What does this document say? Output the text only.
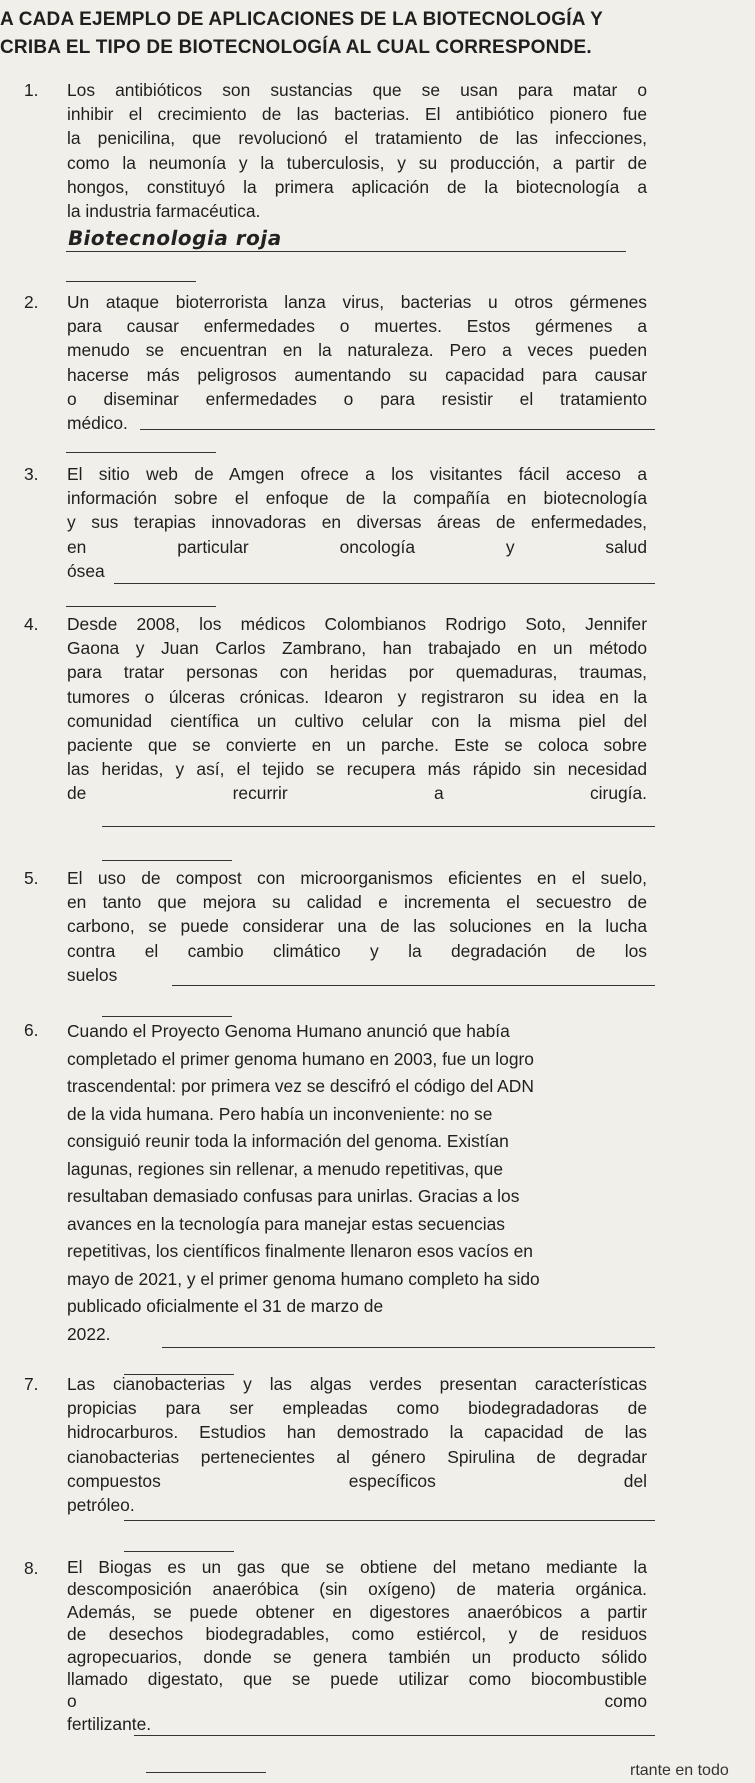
A CADA EJEMPLO DE APLICACIONES DE LA BIOTECNOLOGÍA Y
CRIBA EL TIPO DE BIOTECNOLOGÍA AL CUAL CORRESPONDE.
1. Los antibióticos son sustancias que se usan para matar o
inhibir el crecimiento de las bacterias. El antibiótico pionero fue
la penicilina, que revolucionó el tratamiento de las infecciones,
como la neumonía y la tuberculosis, y su producción, a partir de
hongos, constituyó la primera aplicación de la biotecnología a
la industria farmacéutica.
Biotecnologia roja
2. Un ataque bioterrorista lanza virus, bacterias u otros gérmenes
para causar enfermedades o muertes. Estos gérmenes a
menudo se encuentran en la naturaleza. Pero a veces pueden
hacerse más peligrosos aumentando su capacidad para causar
o diseminar enfermedades o para resistir el tratamiento
médico.
3. El sitio web de Amgen ofrece a los visitantes fácil acceso a
información sobre el enfoque de la compañía en biotecnología
y sus terapias innovadoras en diversas áreas de enfermedades,
en particular oncología y salud
ósea
4. Desde 2008, los médicos Colombianos Rodrigo Soto, Jennifer
Gaona y Juan Carlos Zambrano, han trabajado en un método
para tratar personas con heridas por quemaduras, traumas,
tumores o úlceras crónicas. Idearon y registraron su idea en la
comunidad científica un cultivo celular con la misma piel del
paciente que se convierte en un parche. Este se coloca sobre
las heridas, y así, el tejido se recupera más rápido sin necesidad
de recurrir a cirugía.
5. El uso de compost con microorganismos eficientes en el suelo,
en tanto que mejora su calidad e incrementa el secuestro de
carbono, se puede considerar una de las soluciones en la lucha
contra el cambio climático y la degradación de los
suelos
6. Cuando el Proyecto Genoma Humano anunció que había
completado el primer genoma humano en 2003, fue un logro
trascendental: por primera vez se descifró el código del ADN
de la vida humana. Pero había un inconveniente: no se
consiguió reunir toda la información del genoma. Existían
lagunas, regiones sin rellenar, a menudo repetitivas, que
resultaban demasiado confusas para unirlas. Gracias a los
avances en la tecnología para manejar estas secuencias
repetitivas, los científicos finalmente llenaron esos vacíos en
mayo de 2021, y el primer genoma humano completo ha sido
publicado oficialmente el 31 de marzo de
2022.
7. Las cianobacterias y las algas verdes presentan características
propicias para ser empleadas como biodegradadoras de
hidrocarburos. Estudios han demostrado la capacidad de las
cianobacterias pertenecientes al género Spirulina de degradar
compuestos específicos del
petróleo.
8. El Biogas es un gas que se obtiene del metano mediante la
descomposición anaeróbica (sin oxígeno) de materia orgánica.
Además, se puede obtener en digestores anaeróbicos a partir
de desechos biodegradables, como estiércol, y de residuos
agropecuarios, donde se genera también un producto sólido
llamado digestato, que se puede utilizar como biocombustible
o como
fertilizante.
rtante en todo
